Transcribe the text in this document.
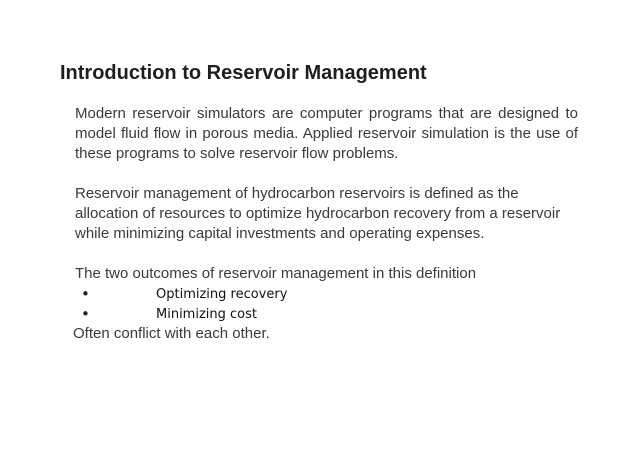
Introduction to Reservoir Management

Modern reservoir simulators are computer programs that are designed to model fluid flow in porous media. Applied reservoir simulation is the use of these programs to solve reservoir flow problems.

Reservoir management of hydrocarbon reservoirs is defined as the allocation of resources to optimize hydrocarbon recovery from a reservoir while minimizing capital investments and operating expenses.

The two outcomes of reservoir management in this definition

•	Optimizing recovery
•	Minimizing cost

Often conflict with each other.
